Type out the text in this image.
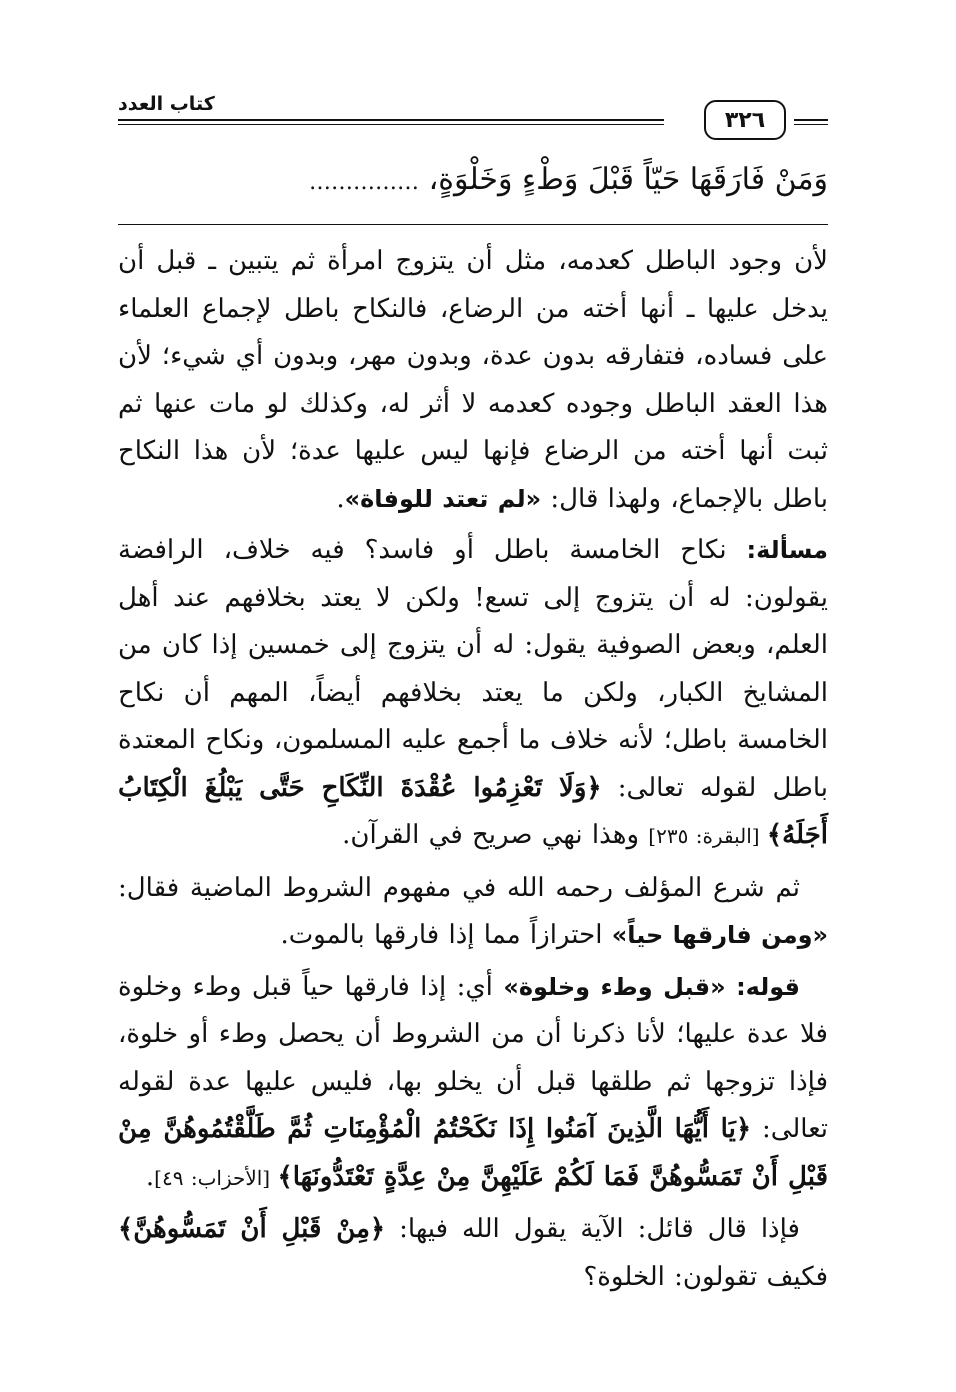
٣٢٦
كتاب العدد
وَمَنْ فَارَقَهَا حَيّاً قَبْلَ وَطْءٍ وَخَلْوَةٍ، ……………

لأن وجود الباطل كعدمه، مثل أن يتزوج امرأة ثم يتبين ـ قبل أن يدخل عليها ـ أنها أخته من الرضاع، فالنكاح باطل لإجماع العلماء على فساده، فتفارقه بدون عدة، وبدون مهر، وبدون أي شيء؛ لأن هذا العقد الباطل وجوده كعدمه لا أثر له، وكذلك لو مات عنها ثم ثبت أنها أخته من الرضاع فإنها ليس عليها عدة؛ لأن هذا النكاح باطل بالإجماع، ولهذا قال: «لم تعتد للوفاة».

مسألة: نكاح الخامسة باطل أو فاسد؟ فيه خلاف، الرافضة يقولون: له أن يتزوج إلى تسع! ولكن لا يعتد بخلافهم عند أهل العلم، وبعض الصوفية يقول: له أن يتزوج إلى خمسين إذا كان من المشايخ الكبار، ولكن ما يعتد بخلافهم أيضاً، المهم أن نكاح الخامسة باطل؛ لأنه خلاف ما أجمع عليه المسلمون، ونكاح المعتدة باطل لقوله تعالى: ﴿وَلَا تَعْزِمُوا عُقْدَةَ النِّكَاحِ حَتَّى يَبْلُغَ الْكِتَابُ أَجَلَهُ﴾ [البقرة: ٢٣٥] وهذا نهي صريح في القرآن.

ثم شرع المؤلف رحمه الله في مفهوم الشروط الماضية فقال: «ومن فارقها حياً» احترازاً مما إذا فارقها بالموت.

قوله: «قبل وطء وخلوة» أي: إذا فارقها حياً قبل وطء وخلوة فلا عدة عليها؛ لأنا ذكرنا أن من الشروط أن يحصل وطء أو خلوة، فإذا تزوجها ثم طلقها قبل أن يخلو بها، فليس عليها عدة لقوله تعالى: ﴿يَا أَيُّهَا الَّذِينَ آمَنُوا إِذَا نَكَحْتُمُ الْمُؤْمِنَاتِ ثُمَّ طَلَّقْتُمُوهُنَّ مِنْ قَبْلِ أَنْ تَمَسُّوهُنَّ فَمَا لَكُمْ عَلَيْهِنَّ مِنْ عِدَّةٍ تَعْتَدُّونَهَا﴾ [الأحزاب: ٤٩].

فإذا قال قائل: الآية يقول الله فيها: ﴿مِنْ قَبْلِ أَنْ تَمَسُّوهُنَّ﴾ فكيف تقولون: الخلوة؟
